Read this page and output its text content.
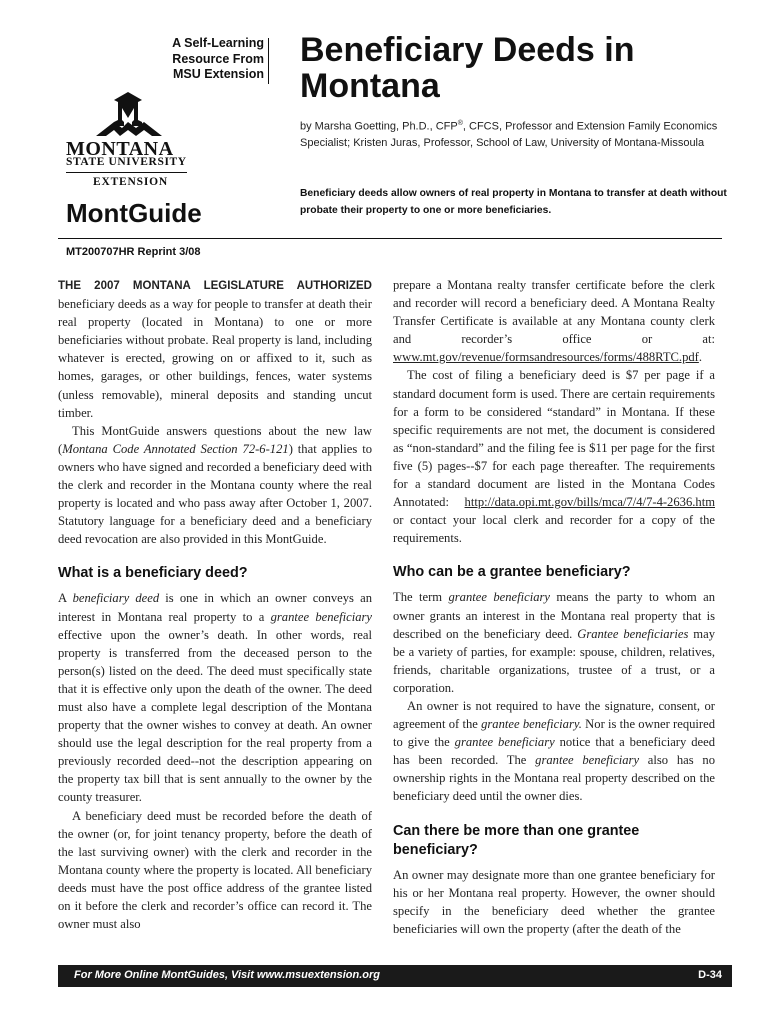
A Self-Learning
Resource From
MSU Extension
MONTANA
STATE UNIVERSITY
EXTENSION
MontGuide
Beneficiary Deeds in Montana
by Marsha Goetting, Ph.D., CFP®, CFCS, Professor and Extension Family Economics Specialist; Kristen Juras, Professor, School of Law, University of Montana-Missoula
Beneficiary deeds allow owners of real property in Montana to transfer at death without probate their property to one or more beneficiaries.
MT200707HR Reprint 3/08

THE 2007 MONTANA LEGISLATURE AUTHORIZED beneficiary deeds as a way for people to transfer at death their real property (located in Montana) to one or more beneficiaries without probate. Real property is land, including whatever is erected, growing on or affixed to it, such as homes, garages, or other buildings, fences, water systems (unless removable), mineral deposits and standing uncut timber.

This MontGuide answers questions about the new law (Montana Code Annotated Section 72-6-121) that applies to owners who have signed and recorded a beneficiary deed with the clerk and recorder in the Montana county where the real property is located and who pass away after October 1, 2007. Statutory language for a beneficiary deed and a beneficiary deed revocation are also provided in this MontGuide.

What is a beneficiary deed?

A beneficiary deed is one in which an owner conveys an interest in Montana real property to a grantee beneficiary effective upon the owner’s death. In other words, real property is transferred from the deceased person to the person(s) listed on the deed. The deed must specifically state that it is effective only upon the death of the owner. The deed must also have a complete legal description of the Montana property that the owner wishes to convey at death. An owner should use the legal description for the real property from a previously recorded deed--not the description appearing on the property tax bill that is sent annually to the owner by the county treasurer.

A beneficiary deed must be recorded before the death of the owner (or, for joint tenancy property, before the death of the last surviving owner) with the clerk and recorder in the Montana county where the property is located. All beneficiary deeds must have the post office address of the grantee listed on it before the clerk and recorder’s office can record it. The owner must also

prepare a Montana realty transfer certificate before the clerk and recorder will record a beneficiary deed. A Montana Realty Transfer Certificate is available at any Montana county clerk and recorder’s office or at: www.mt.gov/revenue/formsandresources/forms/488RTC.pdf.

The cost of filing a beneficiary deed is $7 per page if a standard document form is used. There are certain requirements for a form to be considered “standard” in Montana. If these specific requirements are not met, the document is considered as “non-standard” and the filing fee is $11 per page for the first five (5) pages--$7 for each page thereafter. The requirements for a standard document are listed in the Montana Codes Annotated: http://data.opi.mt.gov/bills/mca/7/4/7-4-2636.htm or contact your local clerk and recorder for a copy of the requirements.

Who can be a grantee beneficiary?

The term grantee beneficiary means the party to whom an owner grants an interest in the Montana real property that is described on the beneficiary deed. Grantee beneficiaries may be a variety of parties, for example: spouse, children, relatives, friends, charitable organizations, trustee of a trust, or a corporation.

An owner is not required to have the signature, consent, or agreement of the grantee beneficiary. Nor is the owner required to give the grantee beneficiary notice that a beneficiary deed has been recorded. The grantee beneficiary also has no ownership rights in the Montana real property described on the beneficiary deed until the owner dies.

Can there be more than one grantee beneficiary?

An owner may designate more than one grantee beneficiary for his or her Montana real property. However, the owner should specify in the beneficiary deed whether the grantee beneficiaries will own the property (after the death of the

For More Online MontGuides, Visit www.msuextension.org	D-34
